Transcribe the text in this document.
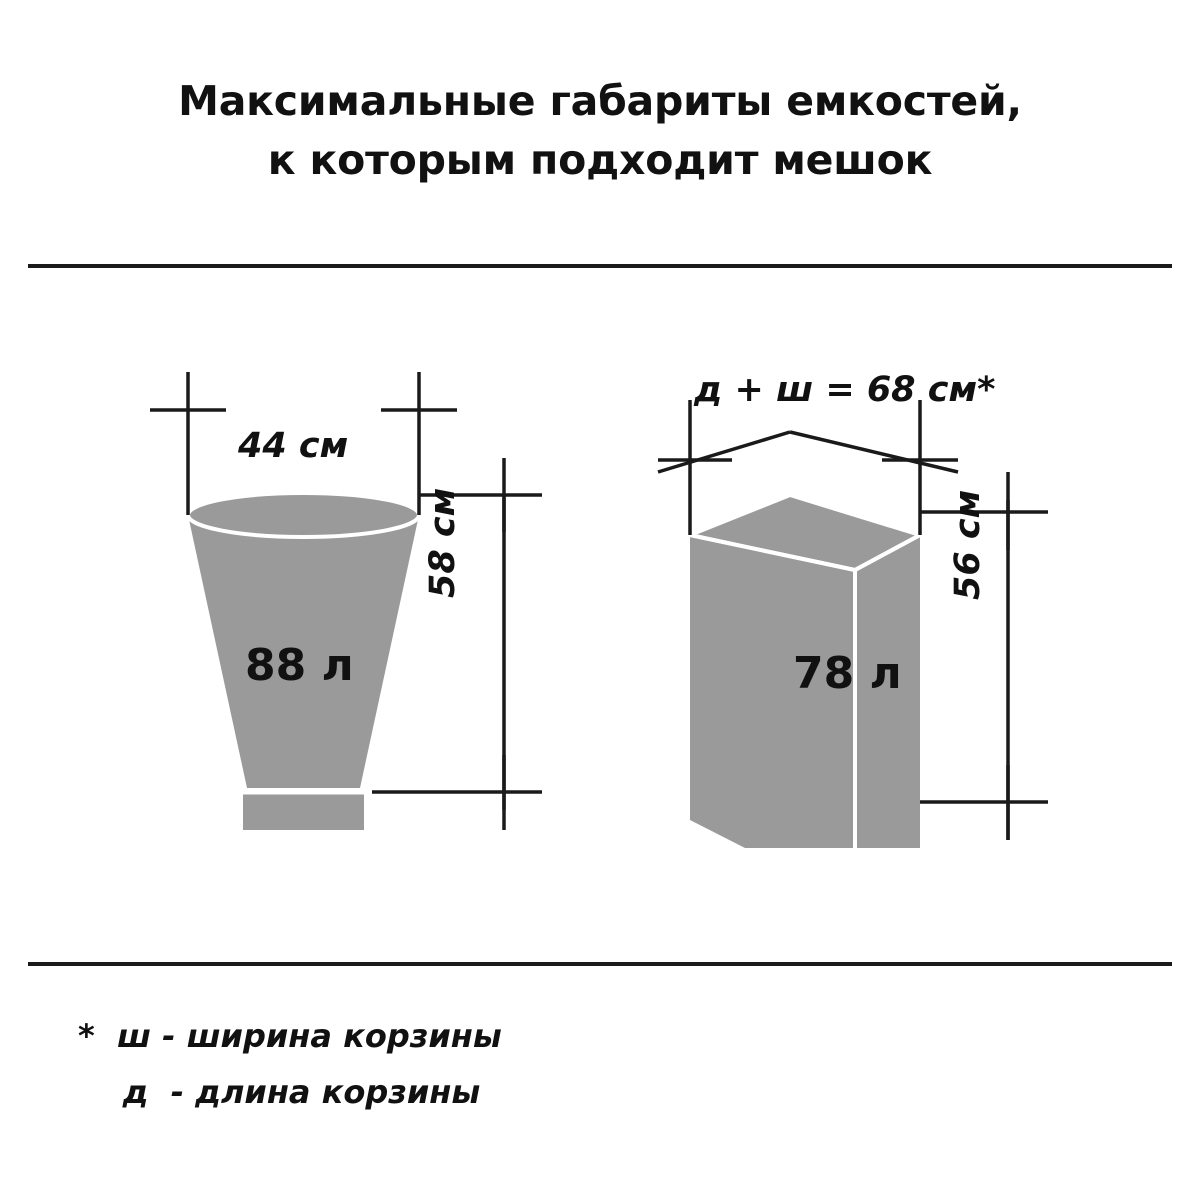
Максимальные габариты емкостей,
к которым подходит мешок
44 см
88 л
58 см
д + ш = 68 см*
78 л
56 см
*  ш - ширина корзины
д  - длина корзины
